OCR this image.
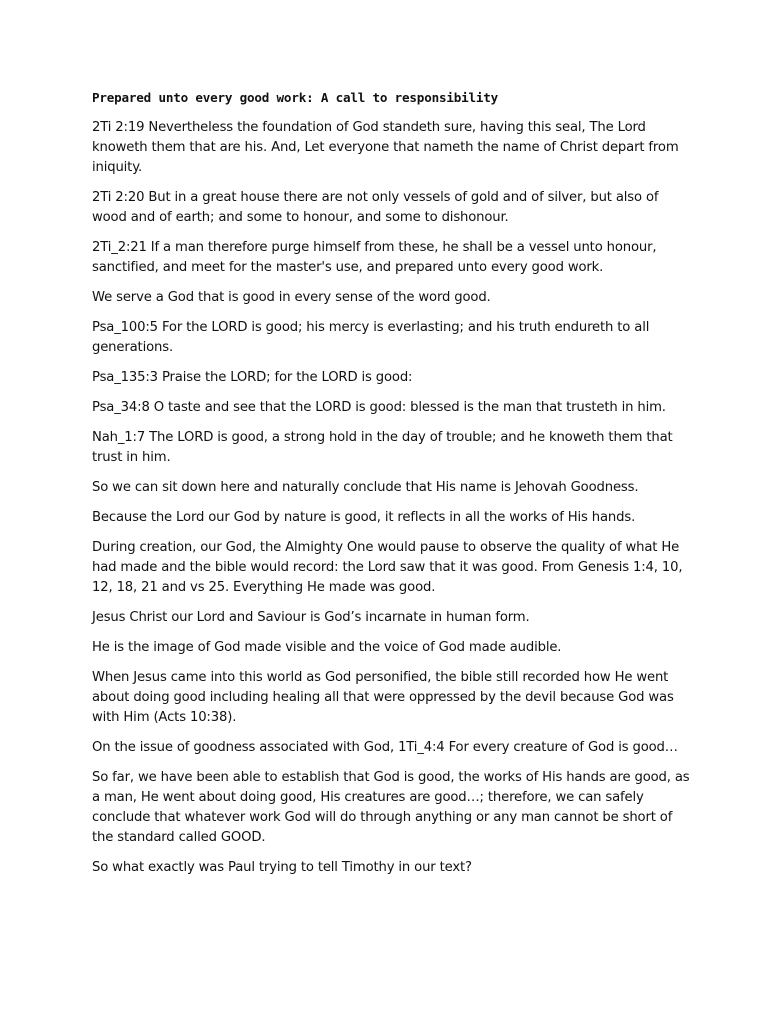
Prepared unto every good work: A call to responsibility
2Ti 2:19 Nevertheless the foundation of God standeth sure, having this seal, The Lord knoweth them that are his. And, Let everyone that nameth the name of Christ depart from iniquity.
2Ti 2:20 But in a great house there are not only vessels of gold and of silver, but also of wood and of earth; and some to honour, and some to dishonour.
2Ti_2:21 If a man therefore purge himself from these, he shall be a vessel unto honour, sanctified, and meet for the master's use, and prepared unto every good work.
We serve a God that is good in every sense of the word good.
Psa_100:5 For the LORD is good; his mercy is everlasting; and his truth endureth to all generations.
Psa_135:3 Praise the LORD; for the LORD is good:
Psa_34:8 O taste and see that the LORD is good: blessed is the man that trusteth in him.
Nah_1:7 The LORD is good, a strong hold in the day of trouble; and he knoweth them that trust in him.
So we can sit down here and naturally conclude that His name is Jehovah Goodness.
Because the Lord our God by nature is good, it reflects in all the works of His hands.
During creation, our God, the Almighty One would pause to observe the quality of what He had made and the bible would record: the Lord saw that it was good. From Genesis 1:4, 10, 12, 18, 21 and vs 25. Everything He made was good.
Jesus Christ our Lord and Saviour is God’s incarnate in human form.
He is the image of God made visible and the voice of God made audible.
When Jesus came into this world as God personified, the bible still recorded how He went about doing good including healing all that were oppressed by the devil because God was with Him (Acts 10:38).
On the issue of goodness associated with God, 1Ti_4:4 For every creature of God is good…
So far, we have been able to establish that God is good, the works of His hands are good, as a man, He went about doing good, His creatures are good…; therefore, we can safely conclude that whatever work God will do through anything or any man cannot be short of the standard called GOOD.
So what exactly was Paul trying to tell Timothy in our text?
